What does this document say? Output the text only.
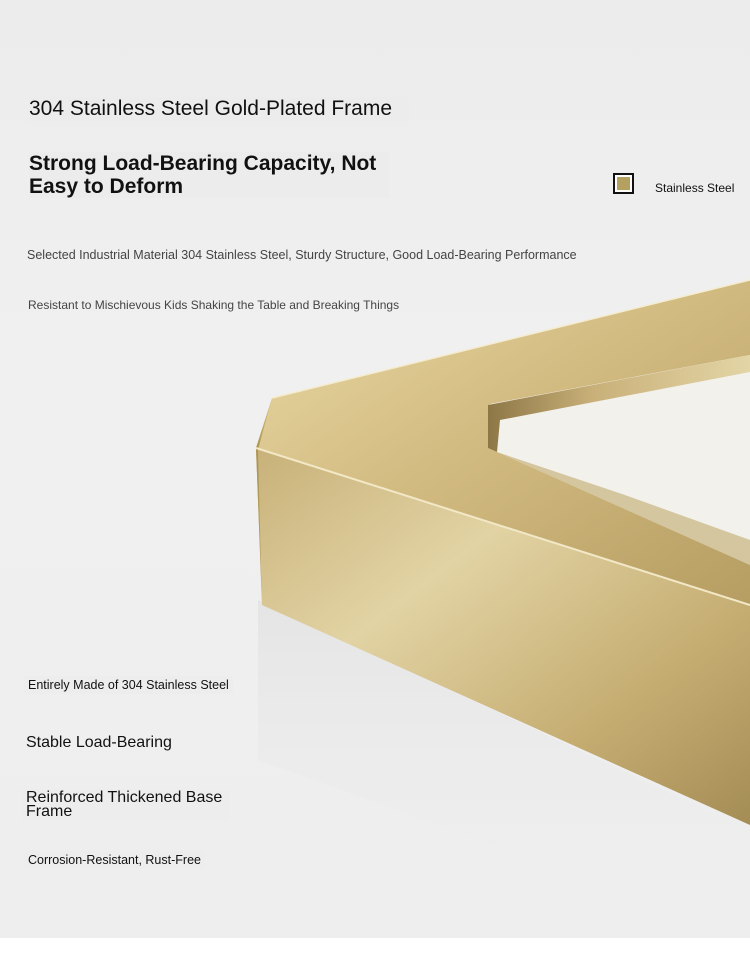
304 Stainless Steel Gold-Plated Frame
Strong Load-Bearing Capacity, Not Easy to Deform

Selected Industrial Material 304 Stainless Steel, Sturdy Structure, Good Load-Bearing Performance

Resistant to Mischievous Kids Shaking the Table and Breaking Things

Stainless Steel

Entirely Made of 304 Stainless Steel

Stable Load-Bearing

Reinforced Thickened Base Frame

Corrosion-Resistant, Rust-Free
